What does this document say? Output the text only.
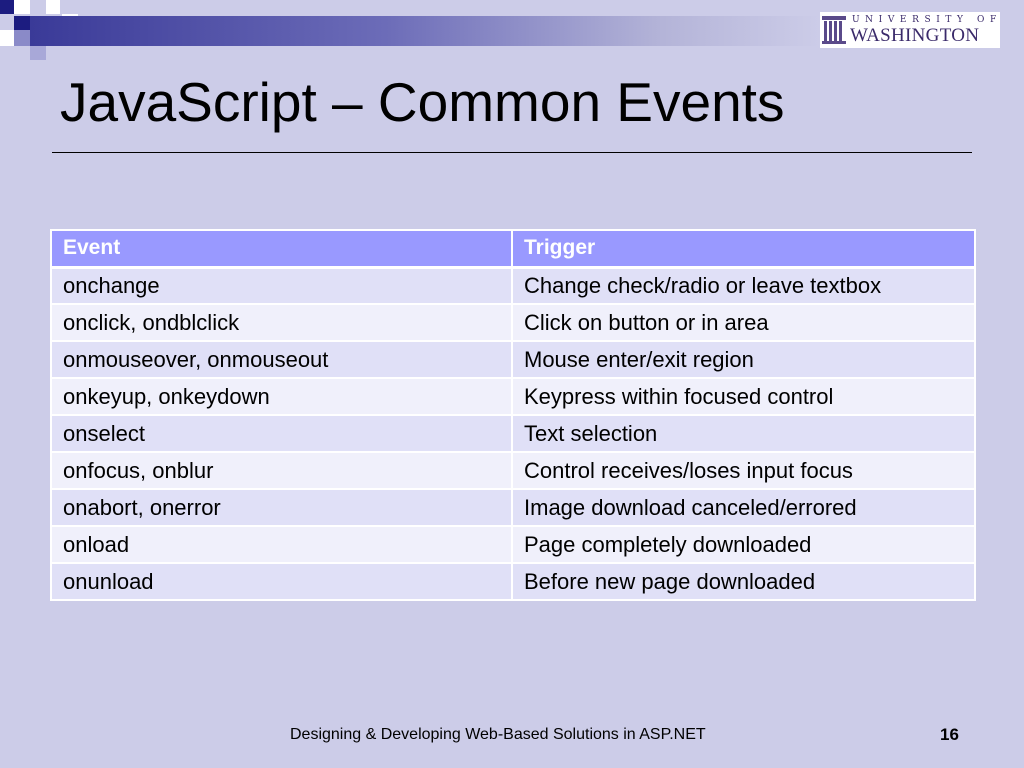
UNIVERSITY OF
WASHINGTON
JavaScript – Common Events
Event	Trigger
onchange	Change check/radio or leave textbox
onclick, ondblclick	Click on button or in area
onmouseover, onmouseout	Mouse enter/exit region
onkeyup, onkeydown	Keypress within focused control
onselect	Text selection
onfocus, onblur	Control receives/loses input focus
onabort, onerror	Image download canceled/errored
onload	Page completely downloaded
onunload	Before new page downloaded
Designing & Developing Web-Based Solutions in ASP.NET	16
